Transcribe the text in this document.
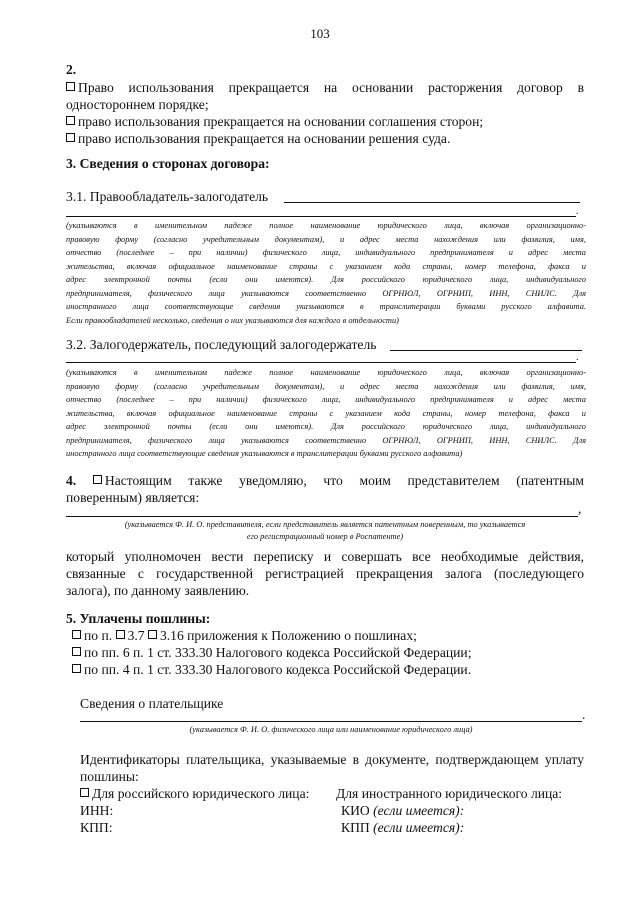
103
2.
Право использования прекращается на основании расторжения договор в
одностороннем порядке;
право использования прекращается на основании соглашения сторон;
право использования прекращается на основании решения суда.
3. Сведения о сторонах договора:
3.1. Правообладатель-залогодатель
.
(указываются в именительном падеже полное наименование юридического лица, включая организационно-
правовую форму (согласно учредительным документам), и адрес места нахождения или фамилия, имя,
отчество (последнее – при наличии) физического лица, индивидуального предпринимателя и адрес места
жительства, включая официальное наименование страны с указанием кода страны, номер телефона, факса и
адрес электронной почты (если они имеются). Для российского юридического лица, индивидуального
предпринимателя, физического лица указываются соответственно ОГРНЮЛ, ОГРНИП, ИНН, СНИЛС. Для
иностранного лица соответствующие сведения указываются в транслитерации буквами русского алфавита.
Если правообладателей несколько, сведения о них указываются для каждого в отдельности)
3.2. Залогодержатель, последующий залогодержатель
.
(указываются в именительном падеже полное наименование юридического лица, включая организационно-
правовую форму (согласно учредительным документам), и адрес места нахождения или фамилия, имя,
отчество (последнее – при наличии) физического лица, индивидуального предпринимателя и адрес места
жительства, включая официальное наименование страны с указанием кода страны, номер телефона, факса и
адрес электронной почты (если они имеются). Для российского юридического лица, индивидуального
предпринимателя, физического лица указываются соответственно ОГРНЮЛ, ОГРНИП, ИНН, СНИЛС. Для
иностранного лица соответствующие сведения указываются в транслитерации буквами русского алфавита)
4. Настоящим также уведомляю, что моим представителем (патентным
поверенным) является:
,
(указывается Ф. И. О. представителя, если представитель является патентным поверенным, то указывается
его регистрационный номер в Роспатенте)
который уполномочен вести переписку и совершать все необходимые действия,
связанные с государственной регистрацией прекращения залога (последующего
залога), по данному заявлению.
5. Уплачены пошлины:
по п. 3.7 3.16 приложения к Положению о пошлинах;
по пп. 6 п. 1 ст. 333.30 Налогового кодекса Российской Федерации;
по пп. 4 п. 1 ст. 333.30 Налогового кодекса Российской Федерации.
Сведения о плательщике
.
(указывается Ф. И. О. физического лица или наименование юридического лица)
Идентификаторы плательщика, указываемые в документе, подтверждающем уплату
пошлины:
Для российского юридического лица:
ИНН:
КПП:
Для иностранного юридического лица:
КИО (если имеется):
КПП (если имеется):
